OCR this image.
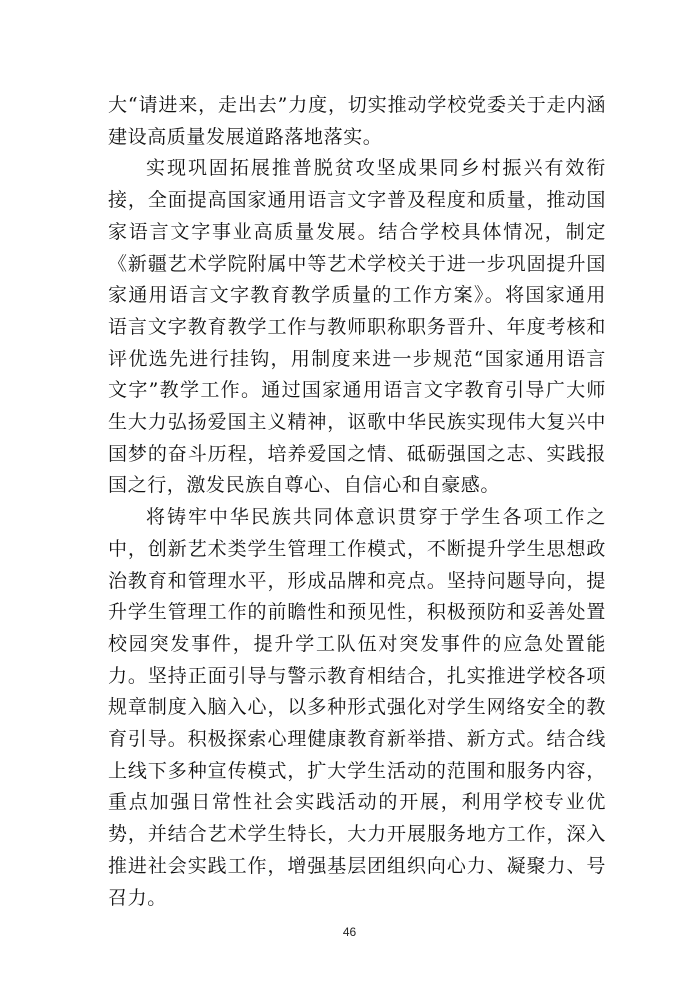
大“请进来，走出去”力度，切实推动学校党委关于走内涵建设高质量发展道路落地落实。

实现巩固拓展推普脱贫攻坚成果同乡村振兴有效衔接，全面提高国家通用语言文字普及程度和质量，推动国家语言文字事业高质量发展。结合学校具体情况，制定《新疆艺术学院附属中等艺术学校关于进一步巩固提升国家通用语言文字教育教学质量的工作方案》。将国家通用语言文字教育教学工作与教师职称职务晋升、年度考核和评优选先进行挂钩，用制度来进一步规范“国家通用语言文字”教学工作。通过国家通用语言文字教育引导广大师生大力弘扬爱国主义精神，讴歌中华民族实现伟大复兴中国梦的奋斗历程，培养爱国之情、砥砺强国之志、实践报国之行，激发民族自尊心、自信心和自豪感。

将铸牢中华民族共同体意识贯穿于学生各项工作之中，创新艺术类学生管理工作模式，不断提升学生思想政治教育和管理水平，形成品牌和亮点。坚持问题导向，提升学生管理工作的前瞻性和预见性，积极预防和妥善处置校园突发事件，提升学工队伍对突发事件的应急处置能力。坚持正面引导与警示教育相结合，扎实推进学校各项规章制度入脑入心，以多种形式强化对学生网络安全的教育引导。积极探索心理健康教育新举措、新方式。结合线上线下多种宣传模式，扩大学生活动的范围和服务内容，重点加强日常性社会实践活动的开展，利用学校专业优势，并结合艺术学生特长，大力开展服务地方工作，深入推进社会实践工作，增强基层团组织向心力、凝聚力、号召力。

46
